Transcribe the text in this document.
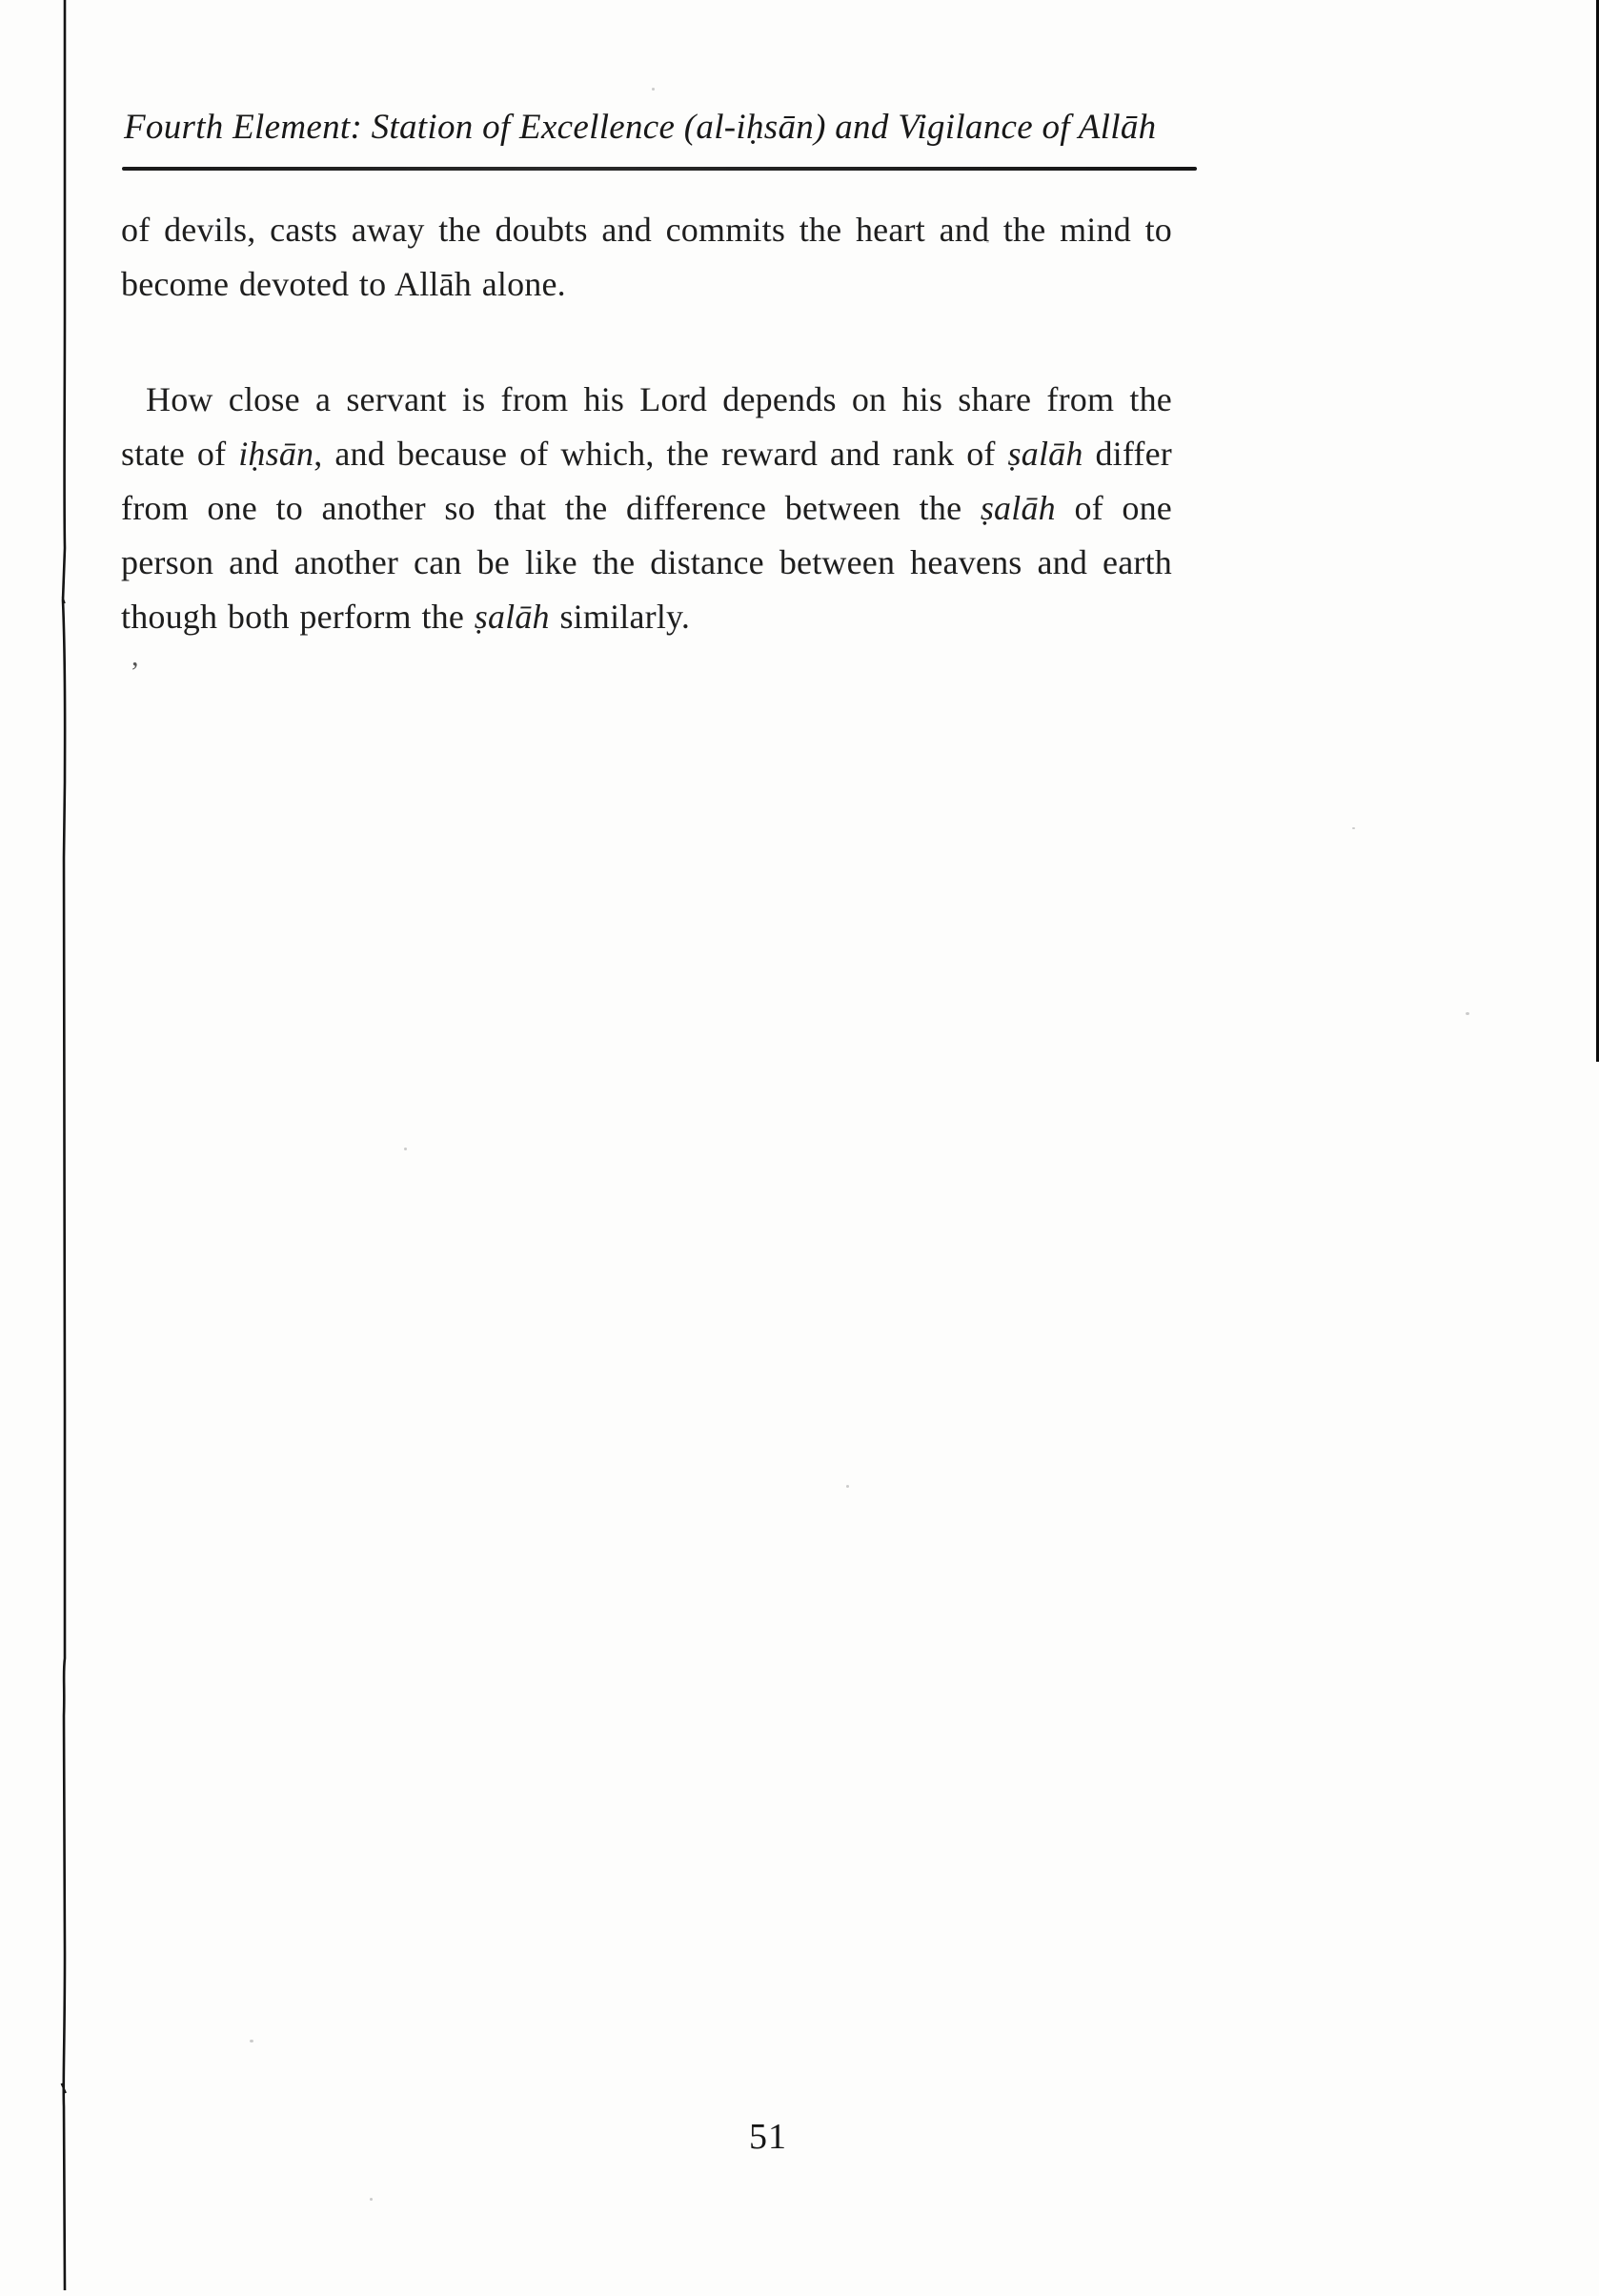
Fourth Element: Station of Excellence (al-iḥsān) and Vigilance of Allāh

of devils, casts away the doubts and commits the heart and the mind to become devoted to Allāh alone.

How close a servant is from his Lord depends on his share from the state of iḥsān, and because of which, the reward and rank of ṣalāh differ from one to another so that the difference between the ṣalāh of one person and another can be like the distance between heavens and earth though both perform the ṣalāh similarly.

51
,
